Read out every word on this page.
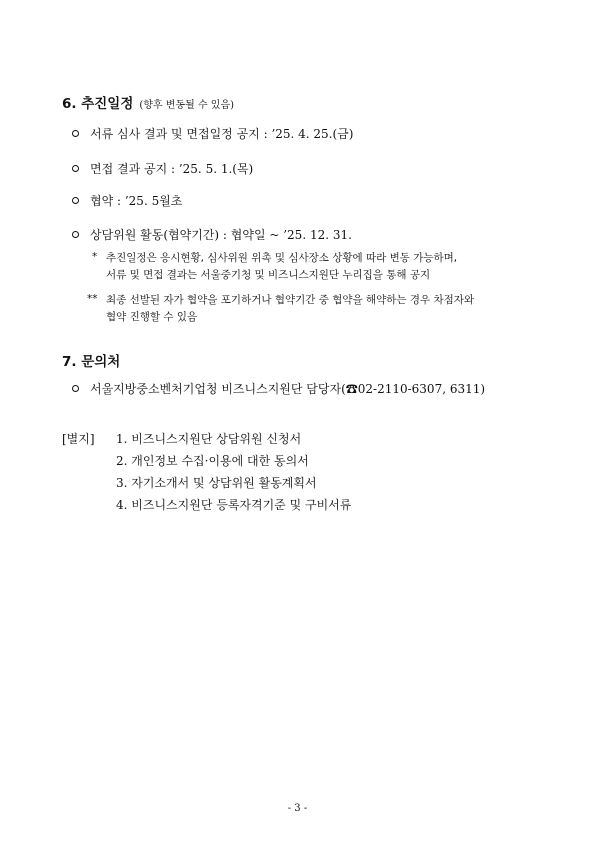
6. 추진일정 (향후 변동될 수 있음)
서류 심사 결과 및 면접일정 공지 : ’25. 4. 25.(금)
면접 결과 공지 : ’25. 5. 1.(목)
협약 : ’25. 5월초
상담위원 활동(협약기간) : 협약일 ~ ’25. 12. 31.
* 추진일정은 응시현황, 심사위원 위촉 및 심사장소 상황에 따라 변동 가능하며,
서류 및 면접 결과는 서울중기청 및 비즈니스지원단 누리집을 통해 공지
** 최종 선발된 자가 협약을 포기하거나 협약기간 중 협약을 해약하는 경우 차점자와
협약 진행할 수 있음
7. 문의처
서울지방중소벤처기업청 비즈니스지원단 담당자(☎02-2110-6307, 6311)
[별지] 1. 비즈니스지원단 상담위원 신청서
2. 개인정보 수집·이용에 대한 동의서
3. 자기소개서 및 상담위원 활동계획서
4. 비즈니스지원단 등록자격기준 및 구비서류
- 3 -
